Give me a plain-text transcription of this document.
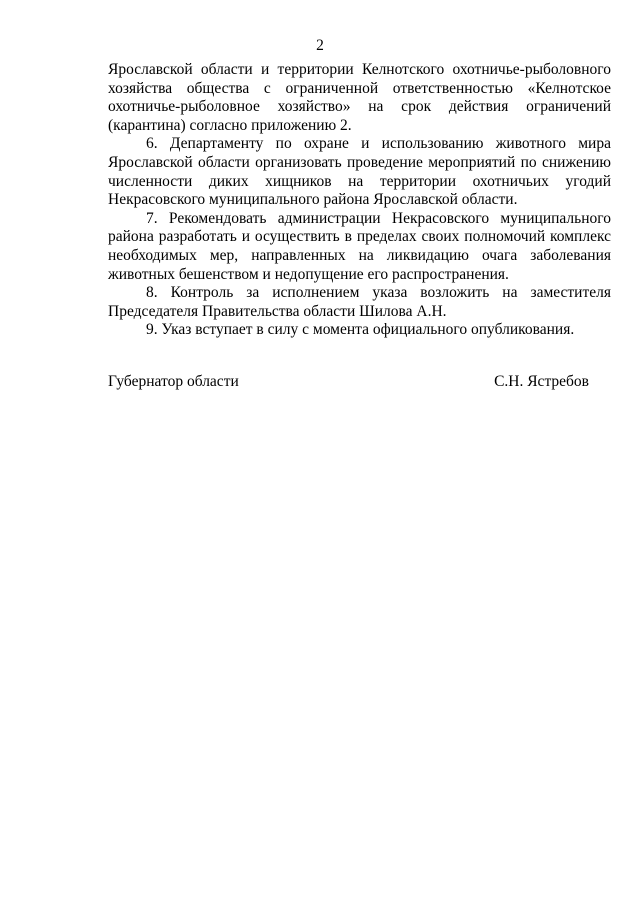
2

Ярославской области и территории Келнотского охотничье-рыболовного хозяйства общества с ограниченной ответственностью «Келнотское охотничье-рыболовное хозяйство» на срок действия ограничений (карантина) согласно приложению 2.

6. Департаменту по охране и использованию животного мира Ярославской области организовать проведение мероприятий по снижению численности диких хищников на территории охотничьих угодий Некрасовского муниципального района Ярославской области.

7. Рекомендовать администрации Некрасовского муниципального района разработать и осуществить в пределах своих полномочий комплекс необходимых мер, направленных на ликвидацию очага заболевания животных бешенством и недопущение его распространения.

8. Контроль за исполнением указа возложить на заместителя Председателя Правительства области Шилова А.Н.

9. Указ вступает в силу с момента официального опубликования.

Губернатор области	С.Н. Ястребов
